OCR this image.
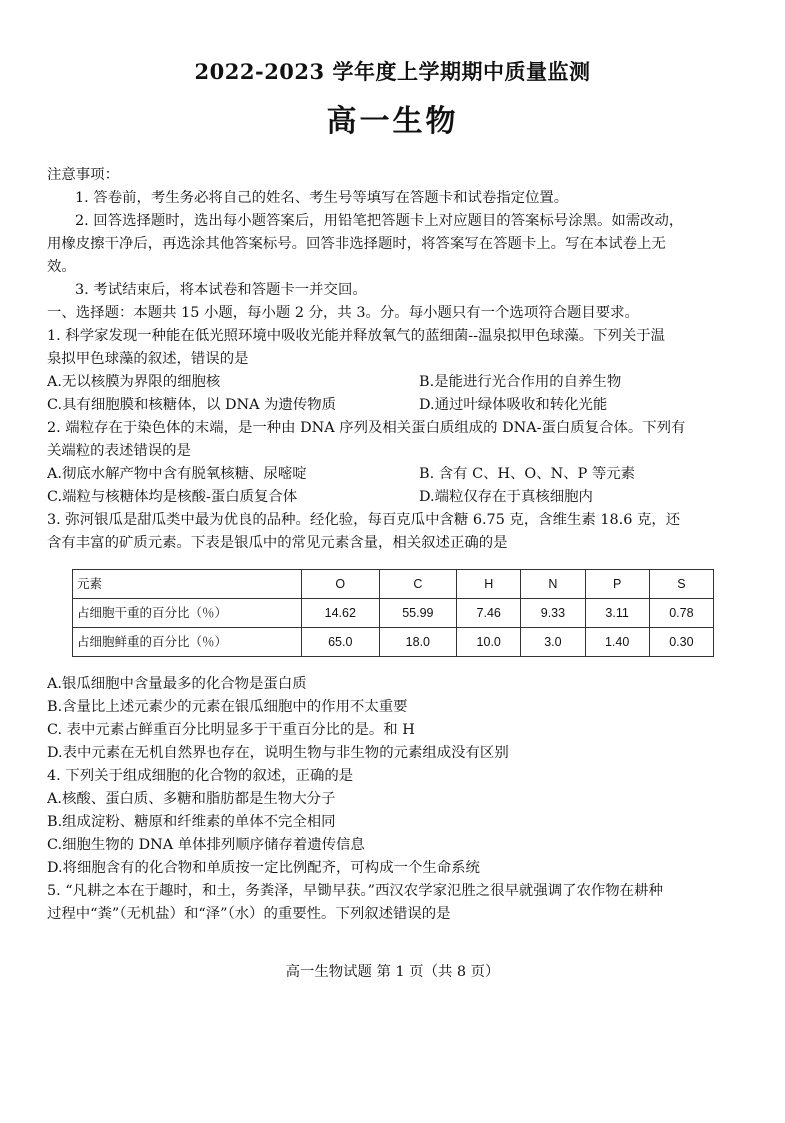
2022-2023 学年度上学期期中质量监测
高一生物
注意事项：
1. 答卷前，考生务必将自己的姓名、考生号等填写在答题卡和试卷指定位置。
2. 回答选择题时，选出每小题答案后，用铅笔把答题卡上对应题目的答案标号涂黑。如需改动，
用橡皮擦干净后，再选涂其他答案标号。回答非选择题时，将答案写在答题卡上。写在本试卷上无
效。
3. 考试结束后，将本试卷和答题卡一并交回。
一、选择题：本题共 15 小题，每小题 2 分，共 3。分。每小题只有一个选项符合题目要求。
1. 科学家发现一种能在低光照环境中吸收光能并释放氧气的蓝细菌--温泉拟甲色球藻。下列关于温
泉拟甲色球藻的叙述，错误的是
A.无以核膜为界限的细胞核	B.是能进行光合作用的自养生物
C.具有细胞膜和核糖体，以 DNA 为遗传物质	D.通过叶绿体吸收和转化光能
2. 端粒存在于染色体的末端，是一种由 DNA 序列及相关蛋白质组成的 DNA-蛋白质复合体。下列有
关端粒的表述错误的是
A.彻底水解产物中含有脱氧核糖、尿嘧啶	B. 含有 C、H、O、N、P 等元素
C.端粒与核糖体均是核酸-蛋白质复合体	D.端粒仅存在于真核细胞内
3. 弥河银瓜是甜瓜类中最为优良的品种。经化验，每百克瓜中含糖 6.75 克，含维生素 18.6 克，还
含有丰富的矿质元素。下表是银瓜中的常见元素含量，相关叙述正确的是
元素	O	C	H	N	P	S
占细胞干重的百分比（％）	14.62	55.99	7.46	9.33	3.11	0.78
占细胞鲜重的百分比（％）	65.0	18.0	10.0	3.0	1.40	0.30
A.银瓜细胞中含量最多的化合物是蛋白质
B.含量比上述元素少的元素在银瓜细胞中的作用不太重要
C. 表中元素占鲜重百分比明显多于干重百分比的是。和 H
D.表中元素在无机自然界也存在，说明生物与非生物的元素组成没有区别
4. 下列关于组成细胞的化合物的叙述，正确的是
A.核酸、蛋白质、多糖和脂肪都是生物大分子
B.组成淀粉、糖原和纤维素的单体不完全相同
C.细胞生物的 DNA 单体排列顺序储存着遗传信息
D.将细胞含有的化合物和单质按一定比例配齐，可构成一个生命系统
5. “凡耕之本在于趣时，和土，务粪泽，早锄早获。”西汉农学家氾胜之很早就强调了农作物在耕种
过程中“粪”（无机盐）和“泽”（水）的重要性。下列叙述错误的是
高一生物试题 第 1 页（共 8 页）
